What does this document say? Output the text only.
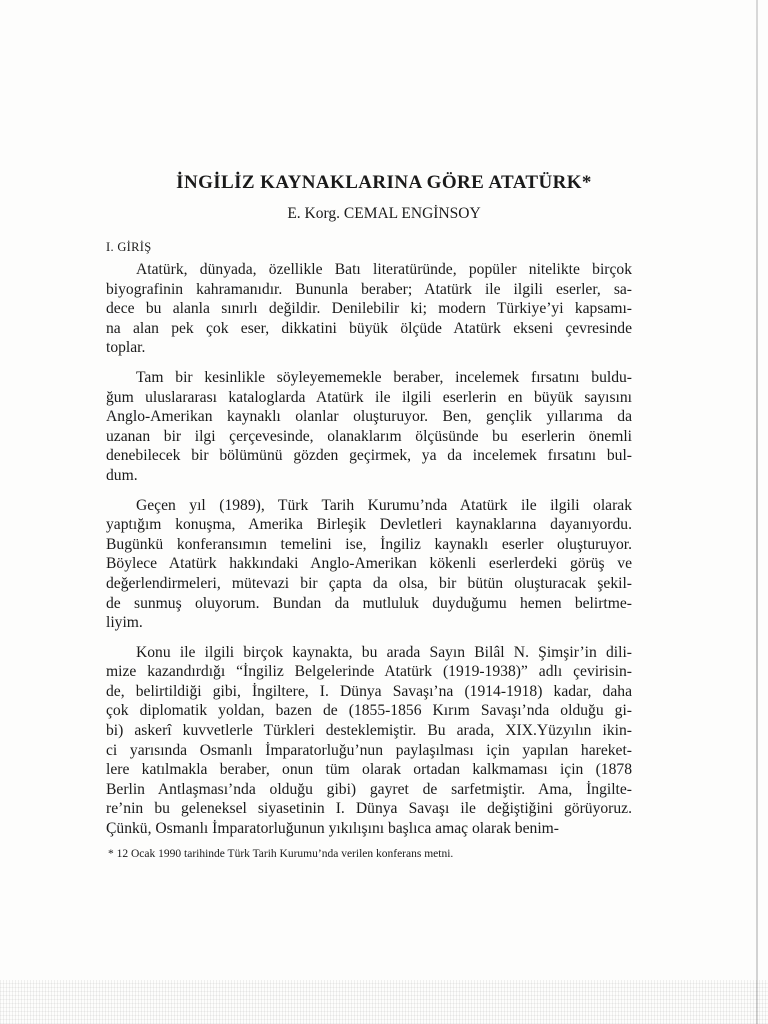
İNGİLİZ KAYNAKLARINA GÖRE ATATÜRK*
E. Korg. CEMAL ENGİNSOY
I. GİRİŞ

Atatürk, dünyada, özellikle Batı literatüründe, popüler nitelikte birçok
biyografinin kahramanıdır. Bununla beraber; Atatürk ile ilgili eserler, sa-
dece bu alanla sınırlı değildir. Denilebilir ki; modern Türkiye’yi kapsamı-
na alan pek çok eser, dikkatini büyük ölçüde Atatürk ekseni çevresinde
toplar.

Tam bir kesinlikle söyleyememekle beraber, incelemek fırsatını buldu-
ğum uluslararası kataloglarda Atatürk ile ilgili eserlerin en büyük sayısını
Anglo-Amerikan kaynaklı olanlar oluşturuyor. Ben, gençlik yıllarıma da
uzanan bir ilgi çerçevesinde, olanaklarım ölçüsünde bu eserlerin önemli
denebilecek bir bölümünü gözden geçirmek, ya da incelemek fırsatını bul-
dum.

Geçen yıl (1989), Türk Tarih Kurumu’nda Atatürk ile ilgili olarak
yaptığım konuşma, Amerika Birleşik Devletleri kaynaklarına dayanıyordu.
Bugünkü konferansımın temelini ise, İngiliz kaynaklı eserler oluşturuyor.
Böylece Atatürk hakkındaki Anglo-Amerikan kökenli eserlerdeki görüş ve
değerlendirmeleri, mütevazi bir çapta da olsa, bir bütün oluşturacak şekil-
de sunmuş oluyorum. Bundan da mutluluk duyduğumu hemen belirtme-
liyim.

Konu ile ilgili birçok kaynakta, bu arada Sayın Bilâl N. Şimşir’in dili-
mize kazandırdığı “İngiliz Belgelerinde Atatürk (1919-1938)” adlı çevirisin-
de, belirtildiği gibi, İngiltere, I. Dünya Savaşı’na (1914-1918) kadar, daha
çok diplomatik yoldan, bazen de (1855-1856 Kırım Savaşı’nda olduğu gi-
bi) askerî kuvvetlerle Türkleri desteklemiştir. Bu arada, XIX.Yüzyılın ikin-
ci yarısında Osmanlı İmparatorluğu’nun paylaşılması için yapılan hareket-
lere katılmakla beraber, onun tüm olarak ortadan kalkmaması için (1878
Berlin Antlaşması’nda olduğu gibi) gayret de sarfetmiştir. Ama, İngilte-
re’nin bu geleneksel siyasetinin I. Dünya Savaşı ile değiştiğini görüyoruz.
Çünkü, Osmanlı İmparatorluğunun yıkılışını başlıca amaç olarak benim-

* 12 Ocak 1990 tarihinde Türk Tarih Kurumu’nda verilen konferans metni.
